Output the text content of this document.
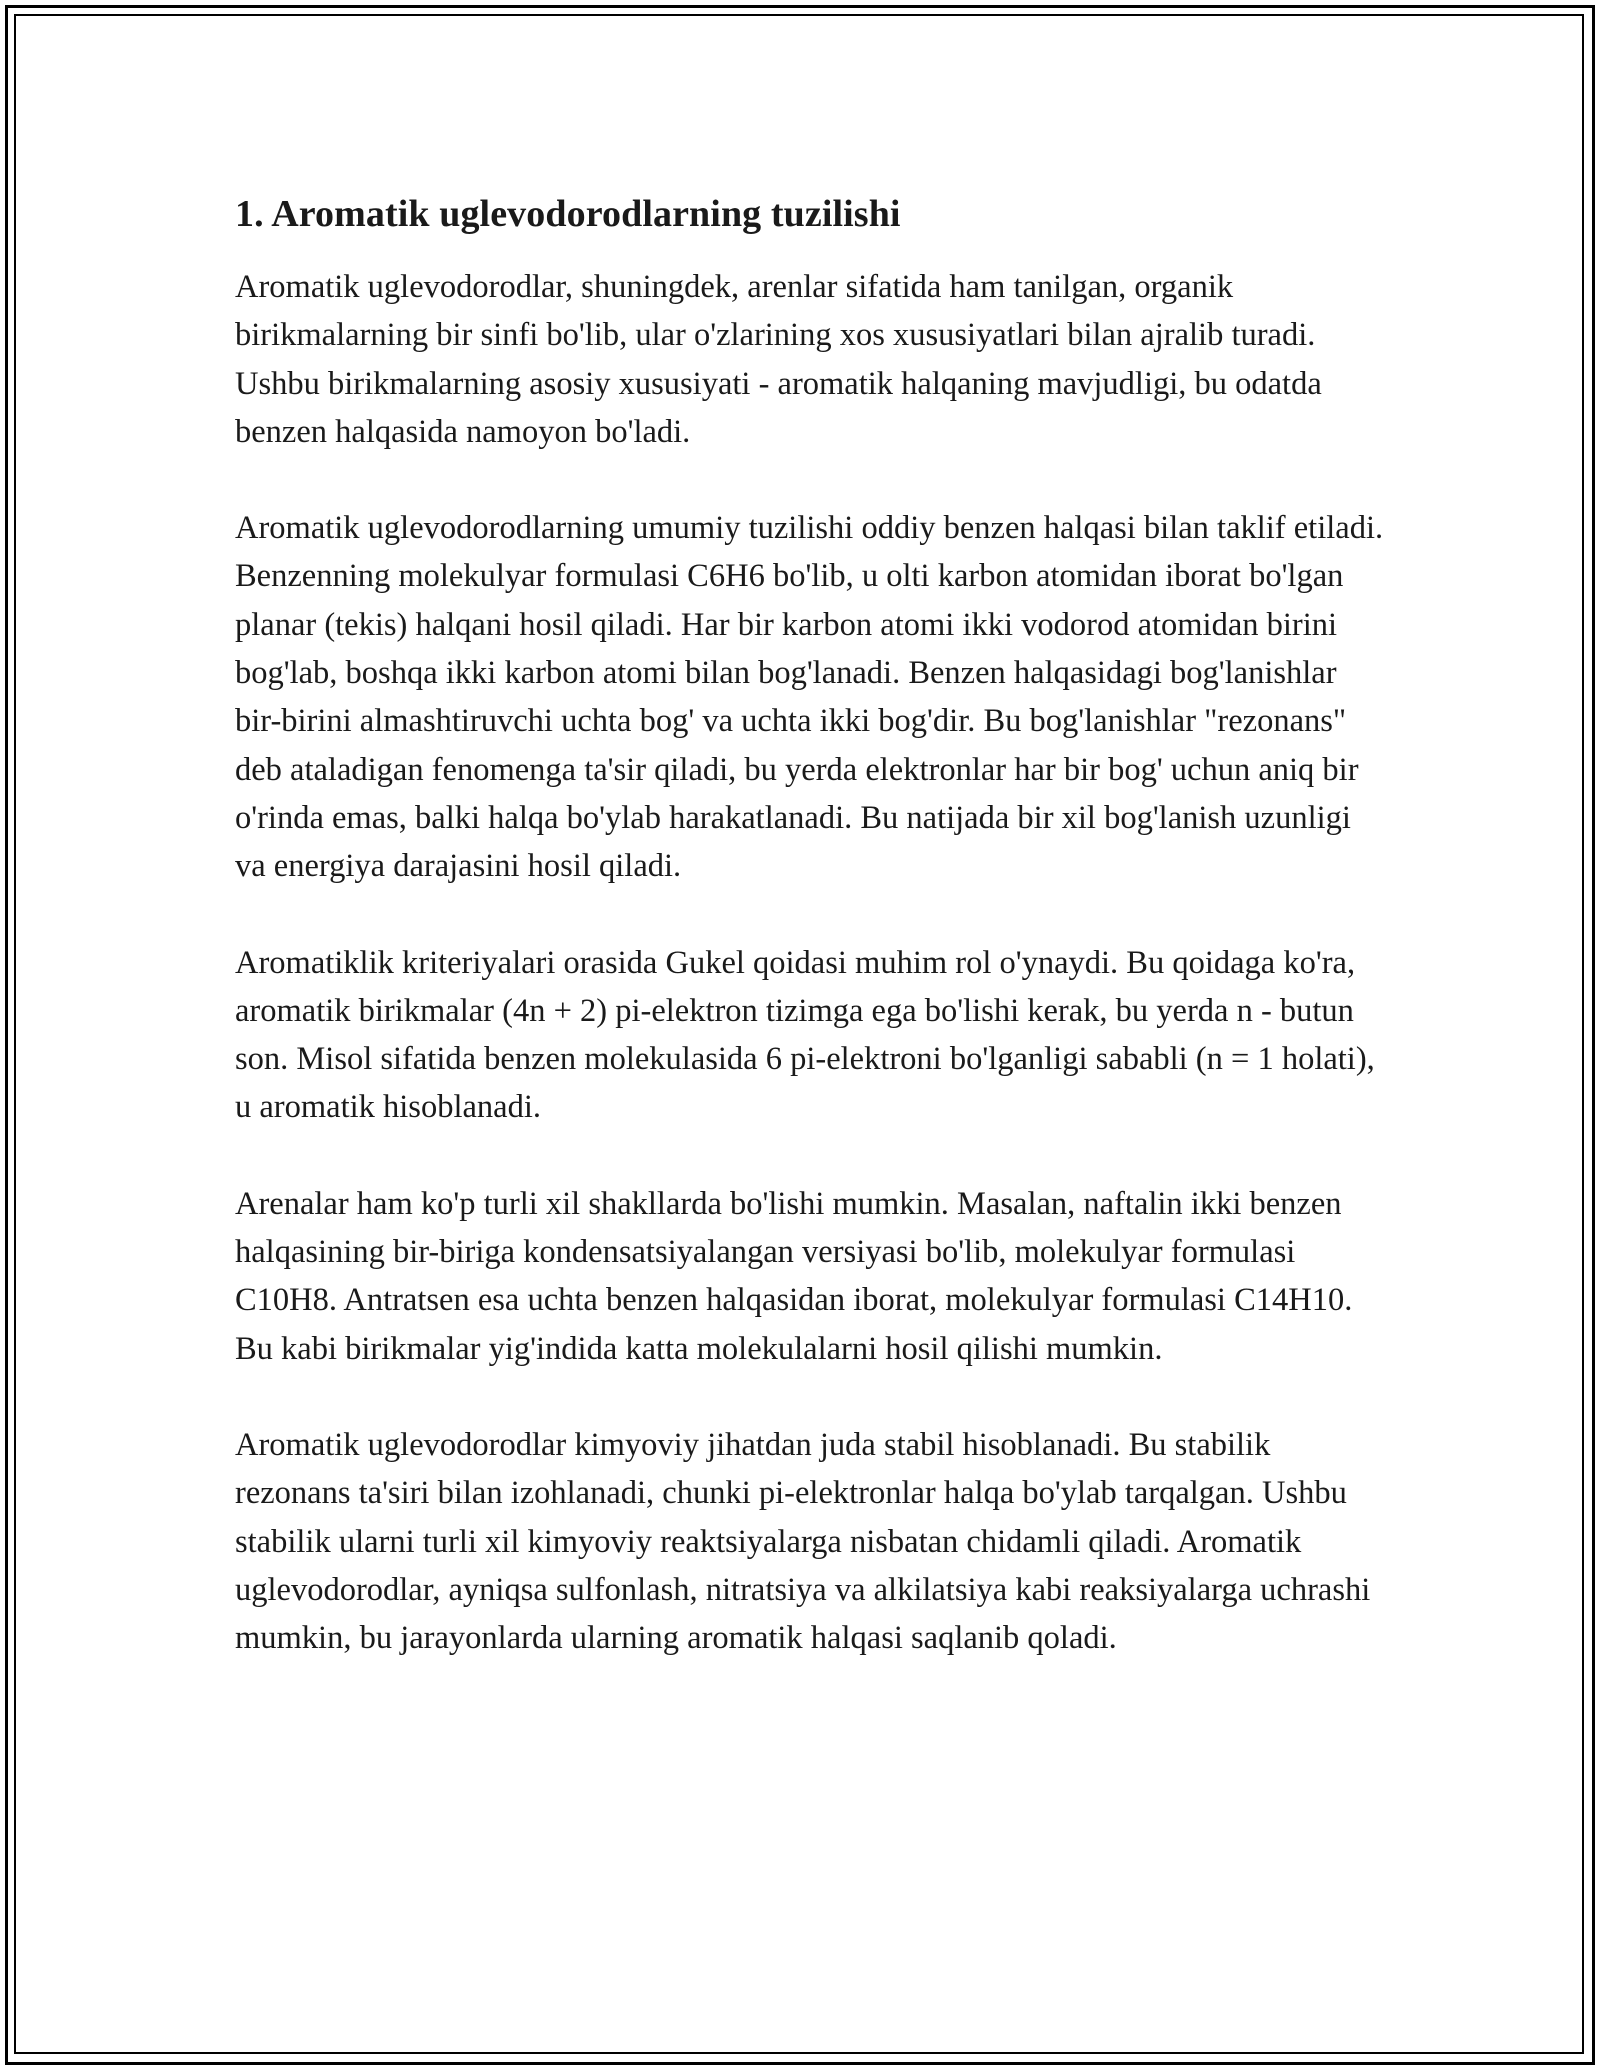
1. Aromatik uglevodorodlarning tuzilishi

Aromatik uglevodorodlar, shuningdek, arenlar sifatida ham tanilgan, organik birikmalarning bir sinfi bo'lib, ular o'zlarining xos xususiyatlari bilan ajralib turadi. Ushbu birikmalarning asosiy xususiyati - aromatik halqaning mavjudligi, bu odatda benzen halqasida namoyon bo'ladi.

Aromatik uglevodorodlarning umumiy tuzilishi oddiy benzen halqasi bilan taklif etiladi. Benzenning molekulyar formulasi C6H6 bo'lib, u olti karbon atomidan iborat bo'lgan planar (tekis) halqani hosil qiladi. Har bir karbon atomi ikki vodorod atomidan birini bog'lab, boshqa ikki karbon atomi bilan bog'lanadi. Benzen halqasidagi bog'lanishlar bir-birini almashtiruvchi uchta bog' va uchta ikki bog'dir. Bu bog'lanishlar "rezonans" deb ataladigan fenomenga ta'sir qiladi, bu yerda elektronlar har bir bog' uchun aniq bir o'rinda emas, balki halqa bo'ylab harakatlanadi. Bu natijada bir xil bog'lanish uzunligi va energiya darajasini hosil qiladi.

Aromatiklik kriteriyalari orasida Gukel qoidasi muhim rol o'ynaydi. Bu qoidaga ko'ra, aromatik birikmalar (4n + 2) pi-elektron tizimga ega bo'lishi kerak, bu yerda n - butun son. Misol sifatida benzen molekulasida 6 pi-elektroni bo'lganligi sababli (n = 1 holati), u aromatik hisoblanadi.

Arenalar ham ko'p turli xil shakllarda bo'lishi mumkin. Masalan, naftalin ikki benzen halqasining bir-biriga kondensatsiyalangan versiyasi bo'lib, molekulyar formulasi C10H8. Antratsen esa uchta benzen halqasidan iborat, molekulyar formulasi C14H10. Bu kabi birikmalar yig'indida katta molekulalarni hosil qilishi mumkin.

Aromatik uglevodorodlar kimyoviy jihatdan juda stabil hisoblanadi. Bu stabilik rezonans ta'siri bilan izohlanadi, chunki pi-elektronlar halqa bo'ylab tarqalgan. Ushbu stabilik ularni turli xil kimyoviy reaktsiyalarga nisbatan chidamli qiladi. Aromatik uglevodorodlar, ayniqsa sulfonlash, nitratsiya va alkilatsiya kabi reaksiyalarga uchrashi mumkin, bu jarayonlarda ularning aromatik halqasi saqlanib qoladi.
